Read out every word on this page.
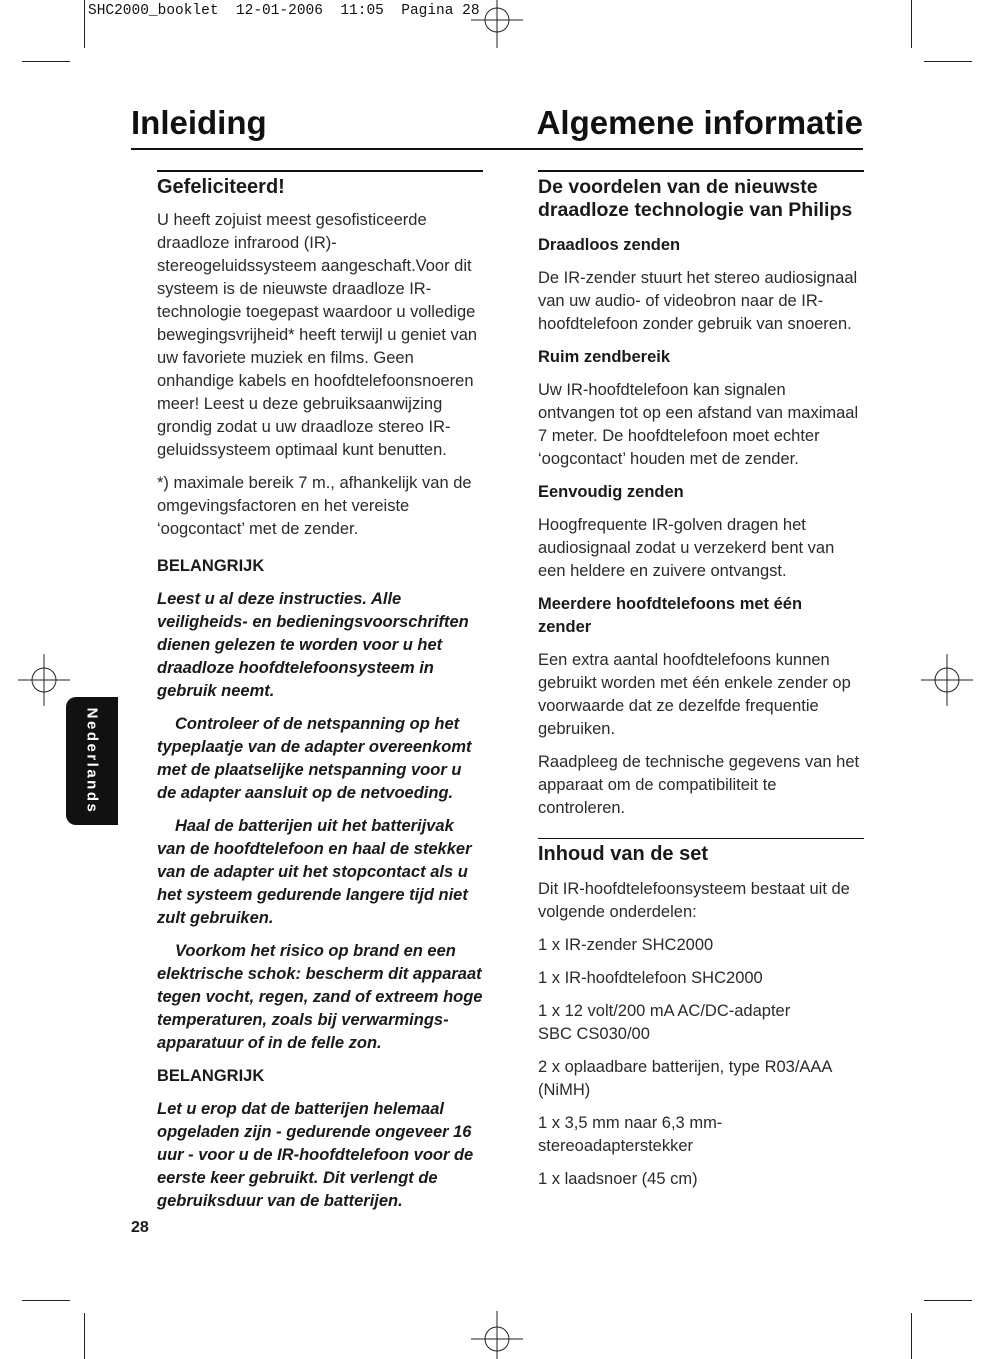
SHC2000_booklet  12-01-2006  11:05  Pagina 28
Inleiding	Algemene informatie
Gefeliciteerd!

U heeft zojuist meest gesofisticeerde draadloze infrarood (IR)-stereogeluidssysteem aangeschaft.Voor dit systeem is de nieuwste draadloze IR-technologie toegepast waardoor u volledige bewegingsvrijheid* heeft terwijl u geniet van uw favoriete muziek en films. Geen onhandige kabels en hoofdtelefoonsnoeren meer! Leest u deze gebruiksaanwijzing grondig zodat u uw draadloze stereo IR-geluidssysteem optimaal kunt benutten.

*) maximale bereik 7 m., afhankelijk van de omgevingsfactoren en het vereiste ‘oogcontact’ met de zender.

BELANGRIJK

Leest u al deze instructies. Alle veiligheids- en bedieningsvoorschriften dienen gelezen te worden voor u het draadloze hoofdtelefoonsysteem in gebruik neemt.

Controleer of de netspanning op het typeplaatje van de adapter overeenkomt met de plaatselijke netspanning voor u de adapter aansluit op de netvoeding.

Haal de batterijen uit het batterijvak van de hoofdtelefoon en haal de stekker van de adapter uit het stopcontact als u het systeem gedurende langere tijd niet zult gebruiken.

Voorkom het risico op brand en een elektrische schok: bescherm dit apparaat tegen vocht, regen, zand of extreem hoge temperaturen, zoals bij verwarmings-apparatuur of in de felle zon.

BELANGRIJK

Let u erop dat de batterijen helemaal opgeladen zijn - gedurende ongeveer 16 uur - voor u de IR-hoofdtelefoon voor de eerste keer gebruikt. Dit verlengt de gebruiksduur van de batterijen.

De voordelen van de nieuwste draadloze technologie van Philips

Draadloos zenden

De IR-zender stuurt het stereo audiosignaal van uw audio- of videobron naar de IR-hoofdtelefoon zonder gebruik van snoeren.

Ruim zendbereik

Uw IR-hoofdtelefoon kan signalen ontvangen tot op een afstand van maximaal 7 meter. De hoofdtelefoon moet echter ‘oogcontact’ houden met de zender.

Eenvoudig zenden

Hoogfrequente IR-golven dragen het audiosignaal zodat u verzekerd bent van een heldere en zuivere ontvangst.

Meerdere hoofdtelefoons met één zender

Een extra aantal hoofdtelefoons kunnen gebruikt worden met één enkele zender op voorwaarde dat ze dezelfde frequentie gebruiken.

Raadpleeg de technische gegevens van het apparaat om de compatibiliteit te controleren.

Inhoud van de set

Dit IR-hoofdtelefoonsysteem bestaat uit de volgende onderdelen:

1 x IR-zender SHC2000

1 x IR-hoofdtelefoon SHC2000

1 x 12 volt/200 mA AC/DC-adapter SBC CS030/00

2 x oplaadbare batterijen, type R03/AAA (NiMH)

1 x 3,5 mm naar 6,3 mm-stereoadapterstekker

1 x laadsnoer (45 cm)

Nederlands
28
